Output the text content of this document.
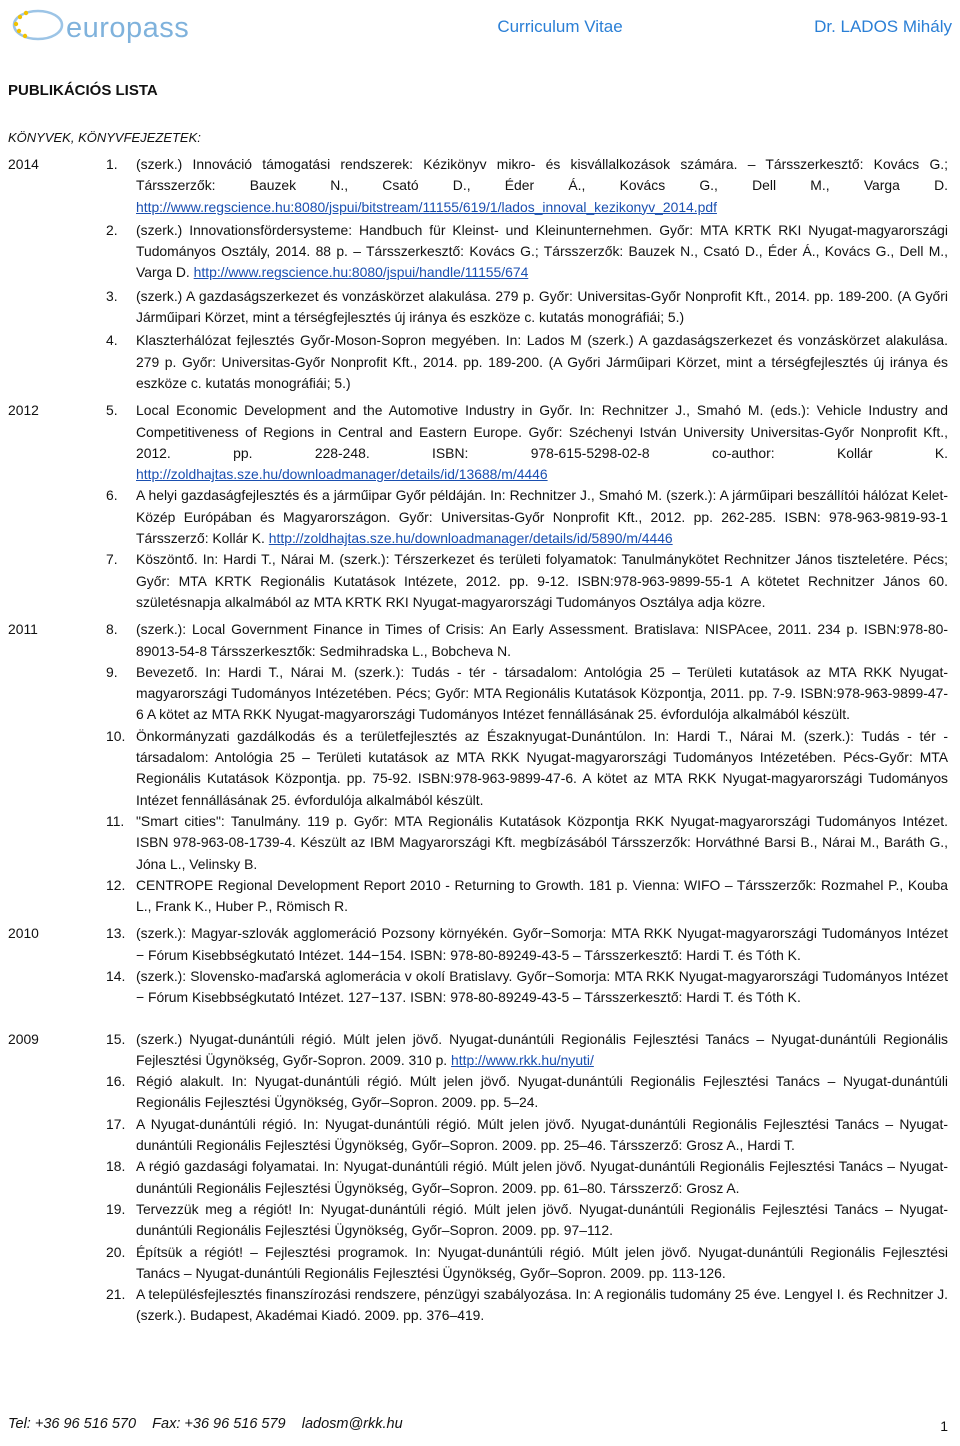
europass	Curriculum Vitae	Dr. LADOS Mihály
PUBLIKÁCIÓS LISTA
KÖNYVEK, KÖNYVFEJEZETEK:
2014	1. (szerk.) Innováció támogatási rendszerek: Kézikönyv mikro- és kisvállalkozások számára. – Társszerkesztő: Kovács G.; Társszerzők: Bauzek N., Csató D., Éder Á., Kovács G., Dell M., Varga D. http://www.regscience.hu:8080/jspui/bitstream/11155/619/1/lados_innoval_kezikonyv_2014.pdf
2. (szerk.) Innovationsfördersysteme: Handbuch für Kleinst- und Kleinunternehmen. Győr: MTA KRTK RKI Nyugat-magyarországi Tudományos Osztály, 2014. 88 p. – Társszerkesztő: Kovács G.; Társszerzők: Bauzek N., Csató D., Éder Á., Kovács G., Dell M., Varga D. http://www.regscience.hu:8080/jspui/handle/11155/674
3. (szerk.) A gazdaságszerkezet és vonzáskörzet alakulása. 279 p. Győr: Universitas-Győr Nonprofit Kft., 2014. pp. 189-200. (A Győri Járműipari Körzet, mint a térségfejlesztés új iránya és eszköze c. kutatás monográfiái; 5.)
4. Klaszterhálózat fejlesztés Győr-Moson-Sopron megyében. In: Lados M (szerk.) A gazdaságszerkezet és vonzáskörzet alakulása. 279 p. Győr: Universitas-Győr Nonprofit Kft., 2014. pp. 189-200. (A Győri Járműipari Körzet, mint a térségfejlesztés új iránya és eszköze c. kutatás monográfiái; 5.)
2012	5. Local Economic Development and the Automotive Industry in Győr. In: Rechnitzer J., Smahó M. (eds.): Vehicle Industry and Competitiveness of Regions in Central and Eastern Europe. Győr: Széchenyi István University Universitas-Győr Nonprofit Kft., 2012. pp. 228-248. ISBN: 978-615-5298-02-8 co-author: Kollár K. http://zoldhajtas.sze.hu/downloadmanager/details/id/13688/m/4446
6. A helyi gazdaságfejlesztés és a járműipar Győr példáján. In: Rechnitzer J., Smahó M. (szerk.): A járműipari beszállítói hálózat Kelet- Közép Európában és Magyarországon. Győr: Universitas-Győr Nonprofit Kft., 2012. pp. 262-285. ISBN: 978-963-9819-93-1 Társszerző: Kollár K. http://zoldhajtas.sze.hu/downloadmanager/details/id/5890/m/4446
7. Köszöntő. In: Hardi T., Nárai M. (szerk.): Térszerkezet és területi folyamatok: Tanulmánykötet Rechnitzer János tiszteletére. Pécs; Győr: MTA KRTK Regionális Kutatások Intézete, 2012. pp. 9-12. ISBN:978-963-9899-55-1 A kötetet Rechnitzer János 60. születésnapja alkalmából az MTA KRTK RKI Nyugat-magyarországi Tudományos Osztálya adja közre.
2011	8. (szerk.): Local Government Finance in Times of Crisis: An Early Assessment. Bratislava: NISPAcee, 2011. 234 p. ISBN:978-80-89013-54-8 Társszerkesztők: Sedmihradska L., Bobcheva N.
9. Bevezető. In: Hardi T., Nárai M. (szerk.): Tudás - tér - társadalom: Antológia 25 – Területi kutatások az MTA RKK Nyugat-magyarországi Tudományos Intézetében. Pécs; Győr: MTA Regionális Kutatások Központja, 2011. pp. 7-9. ISBN:978-963-9899-47-6 A kötet az MTA RKK Nyugat-magyarországi Tudományos Intézet fennállásának 25. évfordulója alkalmából készült.
10. Önkormányzati gazdálkodás és a területfejlesztés az Északnyugat-Dunántúlon. In: Hardi T., Nárai M. (szerk.): Tudás - tér - társadalom: Antológia 25 – Területi kutatások az MTA RKK Nyugat-magyarországi Tudományos Intézetében. Pécs-Győr: MTA Regionális Kutatások Központja. pp. 75-92. ISBN:978-963-9899-47-6. A kötet az MTA RKK Nyugat-magyarországi Tudományos Intézet fennállásának 25. évfordulója alkalmából készült.
11. "Smart cities": Tanulmány. 119 p. Győr: MTA Regionális Kutatások Központja RKK Nyugat-magyarországi Tudományos Intézet. ISBN 978-963-08-1739-4. Készült az IBM Magyarországi Kft. megbízásából Társszerzők: Horváthné Barsi B., Nárai M., Baráth G., Jóna L., Velinsky B.
12. CENTROPE Regional Development Report 2010 - Returning to Growth. 181 p. Vienna: WIFO – Társszerzők: Rozmahel P., Kouba L., Frank K., Huber P., Römisch R.
2010	13. (szerk.): Magyar-szlovák agglomeráció Pozsony környékén. Győr−Somorja: MTA RKK Nyugat-magyarországi Tudományos Intézet − Fórum Kisebbségkutató Intézet. 144−154. ISBN: 978-80-89249-43-5 – Társszerkesztő: Hardi T. és Tóth K.
14. (szerk.): Slovensko-maďarská aglomerácia v okolí Bratislavy. Győr−Somorja: MTA RKK Nyugat-magyarországi Tudományos Intézet − Fórum Kisebbségkutató Intézet. 127−137. ISBN: 978-80-89249-43-5 – Társszerkesztő: Hardi T. és Tóth K.
2009	15. (szerk.) Nyugat-dunántúli régió. Múlt jelen jövő. Nyugat-dunántúli Regionális Fejlesztési Tanács – Nyugat-dunántúli Regionális Fejlesztési Ügynökség, Győr-Sopron. 2009. 310 p. http://www.rkk.hu/nyuti/
16. Régió alakult. In: Nyugat-dunántúli régió. Múlt jelen jövő. Nyugat-dunántúli Regionális Fejlesztési Tanács – Nyugat-dunántúli Regionális Fejlesztési Ügynökség, Győr–Sopron. 2009. pp. 5–24.
17. A Nyugat-dunántúli régió. In: Nyugat-dunántúli régió. Múlt jelen jövő. Nyugat-dunántúli Regionális Fejlesztési Tanács – Nyugat-dunántúli Regionális Fejlesztési Ügynökség, Győr–Sopron. 2009. pp. 25–46. Társszerző: Grosz A., Hardi T.
18. A régió gazdasági folyamatai. In: Nyugat-dunántúli régió. Múlt jelen jövő. Nyugat-dunántúli Regionális Fejlesztési Tanács – Nyugat-dunántúli Regionális Fejlesztési Ügynökség, Győr–Sopron. 2009. pp. 61–80. Társszerző: Grosz A.
19. Tervezzük meg a régiót! In: Nyugat-dunántúli régió. Múlt jelen jövő. Nyugat-dunántúli Regionális Fejlesztési Tanács – Nyugat-dunántúli Regionális Fejlesztési Ügynökség, Győr–Sopron. 2009. pp. 97–112.
20. Építsük a régiót! – Fejlesztési programok. In: Nyugat-dunántúli régió. Múlt jelen jövő. Nyugat-dunántúli Regionális Fejlesztési Tanács – Nyugat-dunántúli Regionális Fejlesztési Ügynökség, Győr–Sopron. 2009. pp. 113-126.
21. A településfejlesztés finanszírozási rendszere, pénzügyi szabályozása. In: A regionális tudomány 25 éve. Lengyel I. és Rechnitzer J. (szerk.). Budapest, Akadémai Kiadó. 2009. pp. 376–419.
Tel: +36 96 516 570    Fax: +36 96 516 579    ladosm@rkk.hu	1
